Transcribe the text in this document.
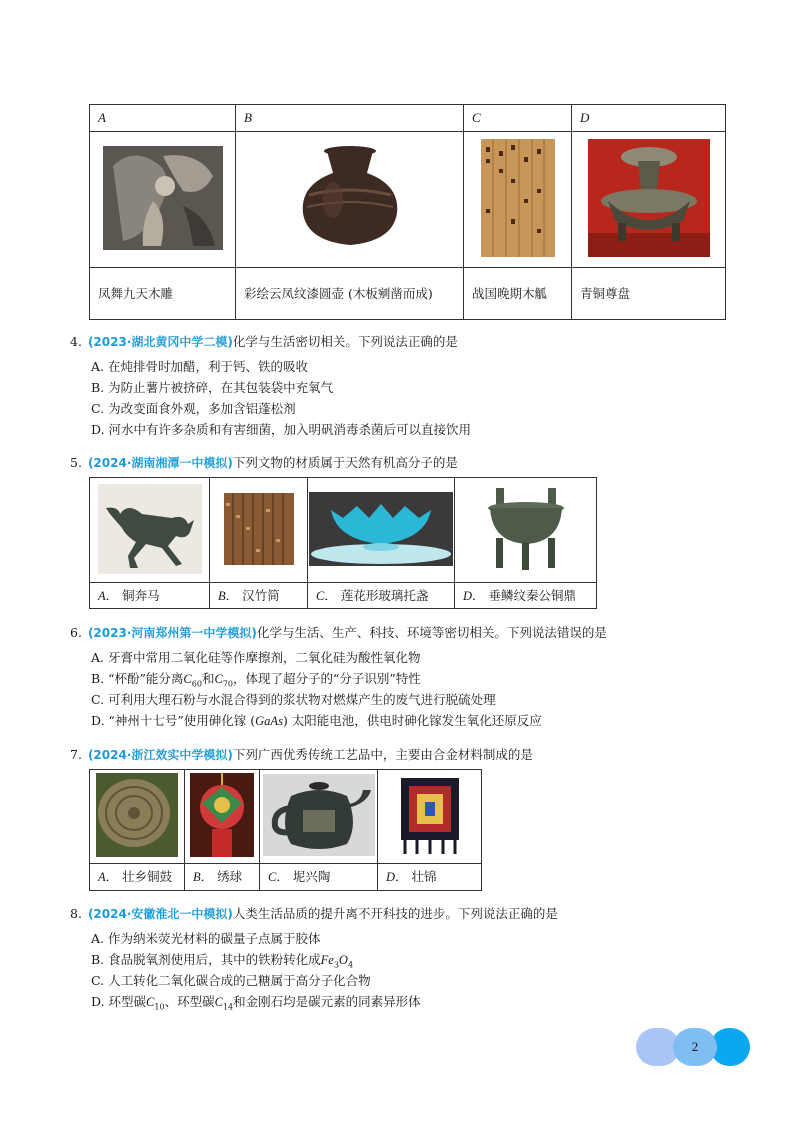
A	B	C	D

凤舞九天木雕	彩绘云凤纹漆圆壶 (木板剜凿而成)	战国晚期木觚	青铜尊盘
4. (2023·湖北黄冈中学二模)化学与生活密切相关。下列说法正确的是
A. 在炖排骨时加醋，利于钙、铁的吸收
B. 为防止薯片被挤碎，在其包装袋中充氧气
C. 为改变面食外观，多加含铝蓬松剂
D. 河水中有许多杂质和有害细菌，加入明矾消毒杀菌后可以直接饮用
5. (2024·湖南湘潭一中模拟)下列文物的材质属于天然有机高分子的是

A． 铜奔马	B． 汉竹简	C． 莲花形玻璃托盏	D． 垂鳞纹秦公铜鼎
6. (2023·河南郑州第一中学模拟)化学与生活、生产、科技、环境等密切相关。下列说法错误的是
A. 牙膏中常用二氧化硅等作摩擦剂，二氧化硅为酸性氧化物
B. “杯酚”能分离$C_{60}$和$C_{70}$，体现了超分子的“分子识别”特性
C. 可利用大理石粉与水混合得到的浆状物对燃煤产生的废气进行脱硫处理
D. “神州十七号”使用砷化镓 (GaAs) 太阳能电池，供电时砷化镓发生氧化还原反应
7. (2024·浙江效实中学模拟)下列广西优秀传统工艺品中，主要由合金材料制成的是

A． 壮乡铜鼓	B． 绣球	C． 坭兴陶	D． 壮锦
8. (2024·安徽淮北一中模拟)人类生活品质的提升离不开科技的进步。下列说法正确的是
A. 作为纳米荧光材料的碳量子点属于胶体
B. 食品脱氧剂使用后，其中的铁粉转化成$Fe_3O_4$
C. 人工转化二氧化碳合成的己糖属于高分子化合物
D. 环型碳$C_{10}$、环型碳$C_{14}$和金刚石均是碳元素的同素异形体
2
